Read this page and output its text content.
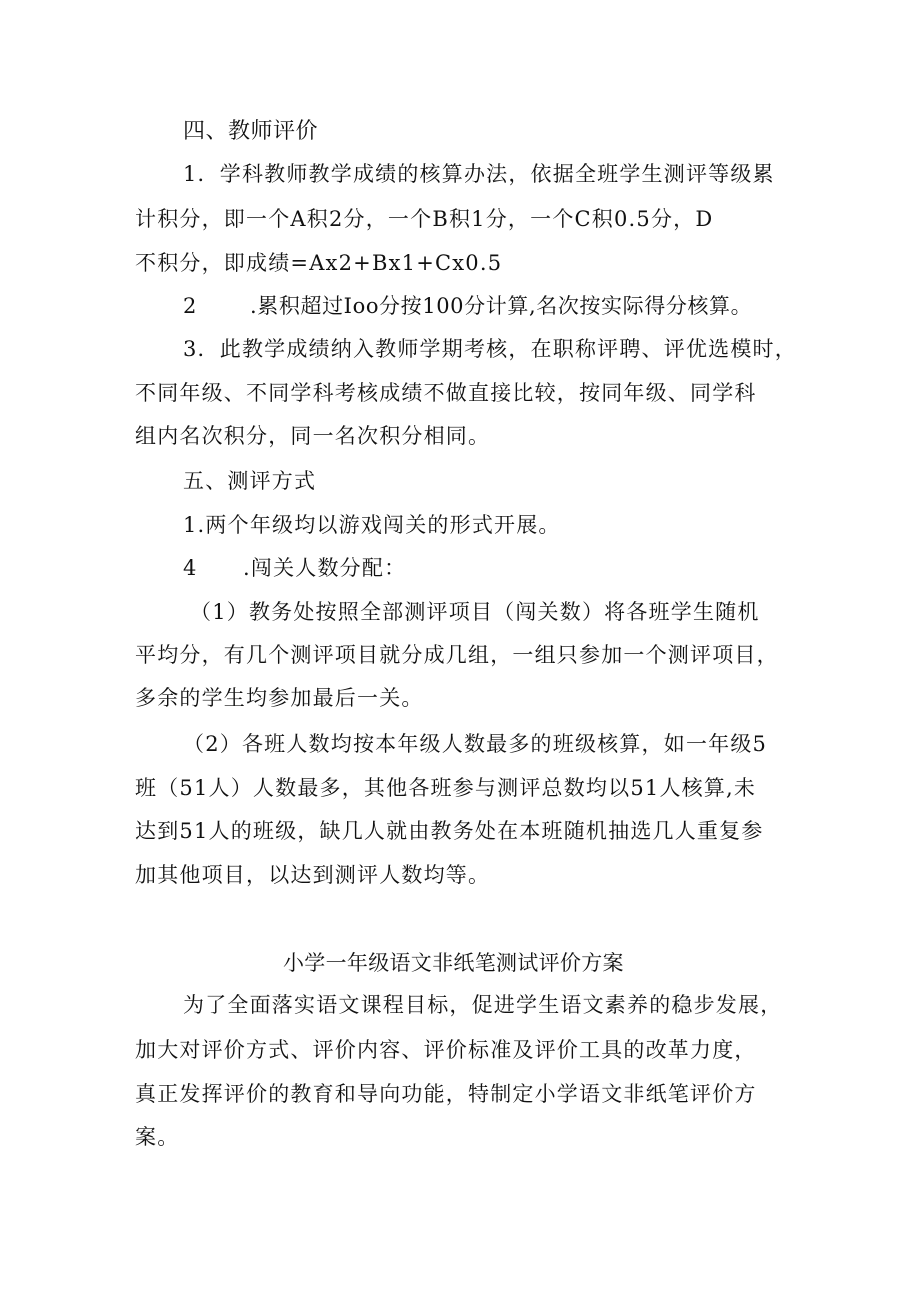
四、教师评价
1．学科教师教学成绩的核算办法，依据全班学生测评等级累
计积分，即一个A积2分，一个B积1分，一个C积0.5分，D
不积分，即成绩=Ax2+Bx1+Cx0.5
2	.累积超过Ioo分按100分计算,名次按实际得分核算。
3．此教学成绩纳入教师学期考核，在职称评聘、评优选模时，
不同年级、不同学科考核成绩不做直接比较，按同年级、同学科
组内名次积分，同一名次积分相同。
五、测评方式
1.两个年级均以游戏闯关的形式开展。
4 .闯关人数分配：
（1）教务处按照全部测评项目（闯关数）将各班学生随机
平均分，有几个测评项目就分成几组，一组只参加一个测评项目，
多余的学生均参加最后一关。
（2）各班人数均按本年级人数最多的班级核算，如一年级5
班（51人）人数最多，其他各班参与测评总数均以51人核算,未
达到51人的班级，缺几人就由教务处在本班随机抽选几人重复参
加其他项目，以达到测评人数均等。
小学一年级语文非纸笔测试评价方案
为了全面落实语文课程目标，促进学生语文素养的稳步发展，
加大对评价方式、评价内容、评价标准及评价工具的改革力度，
真正发挥评价的教育和导向功能，特制定小学语文非纸笔评价方
案。
